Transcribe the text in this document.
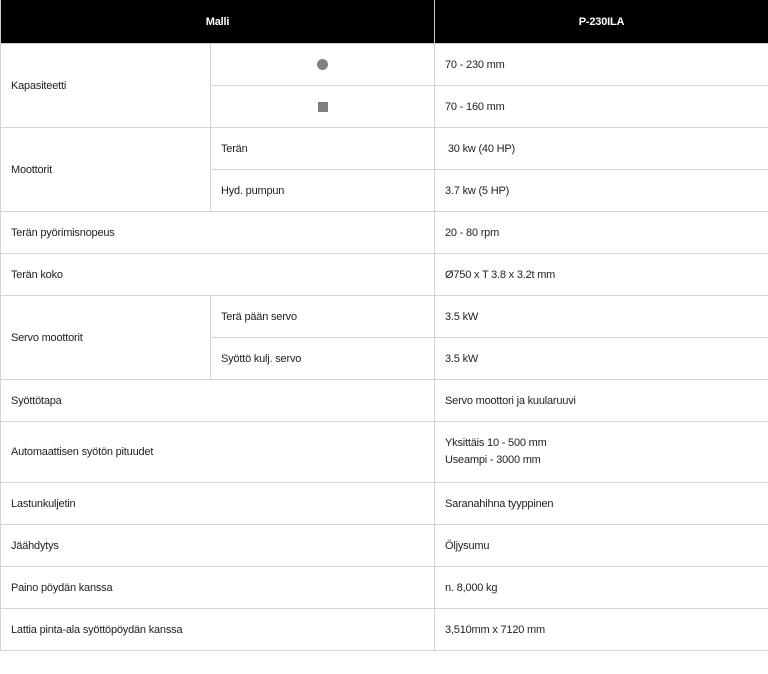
Malli		P-230ILA
Kapasiteetti		70 - 230 mm
		70 - 160 mm
Moottorit	Terän	30 kw (40 HP)
	Hyd. pumpun	3.7 kw (5 HP)
Terän pyörimisnopeus		20 - 80 rpm
Terän koko		Ø750 x T 3.8 x 3.2t mm
Servo moottorit	Terä pään servo	3.5 kW
	Syöttö kulj. servo	3.5 kW
Syöttötapa		Servo moottori ja kuularuuvi
Automaattisen syötön pituudet		Yksittäis 10 - 500 mm
Useampi - 3000 mm

Lastunkuljetin		Saranahihna tyyppinen
Jäähdytys		Öljysumu
Paino pöydän kanssa		n. 8,000 kg
Lattia pinta-ala syöttöpöydän kanssa		3,510mm x 7120 mm
